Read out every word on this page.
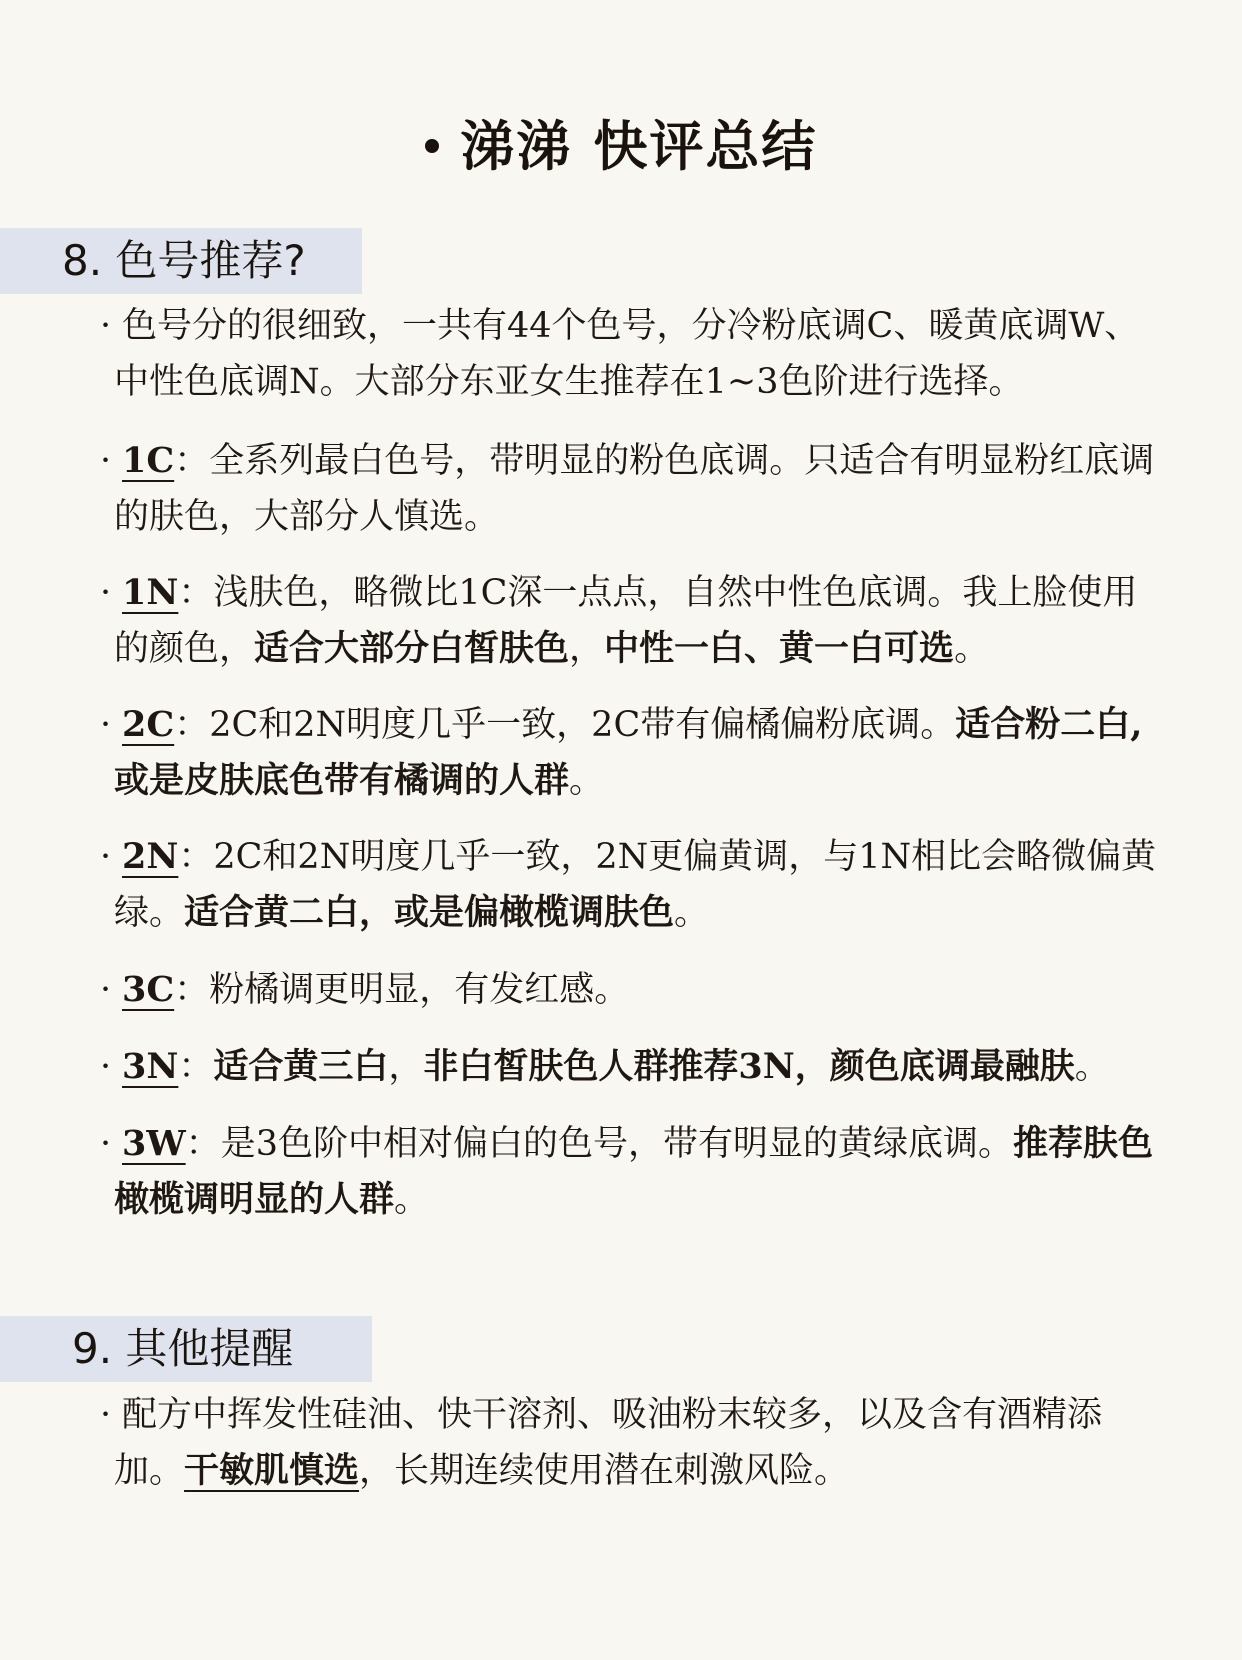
涕涕 快评总结
8. 色号推荐?
· 色号分的很细致，一共有44个色号，分冷粉底调C、暖黄底调W、
中性色底调N。大部分东亚女生推荐在1~3色阶进行选择。
· 1C：全系列最白色号，带明显的粉色底调。只适合有明显粉红底调
的肤色，大部分人慎选。
· 1N：浅肤色，略微比1C深一点点，自然中性色底调。我上脸使用
的颜色，适合大部分白皙肤色，中性一白、黄一白可选。
· 2C：2C和2N明度几乎一致，2C带有偏橘偏粉底调。适合粉二白,
或是皮肤底色带有橘调的人群。
· 2N：2C和2N明度几乎一致，2N更偏黄调，与1N相比会略微偏黄
绿。适合黄二白，或是偏橄榄调肤色。
· 3C：粉橘调更明显，有发红感。
· 3N：适合黄三白，非白皙肤色人群推荐3N，颜色底调最融肤。
· 3W：是3色阶中相对偏白的色号，带有明显的黄绿底调。推荐肤色
橄榄调明显的人群。
9. 其他提醒
· 配方中挥发性硅油、快干溶剂、吸油粉末较多，以及含有酒精添
加。干敏肌慎选，长期连续使用潜在刺激风险。
